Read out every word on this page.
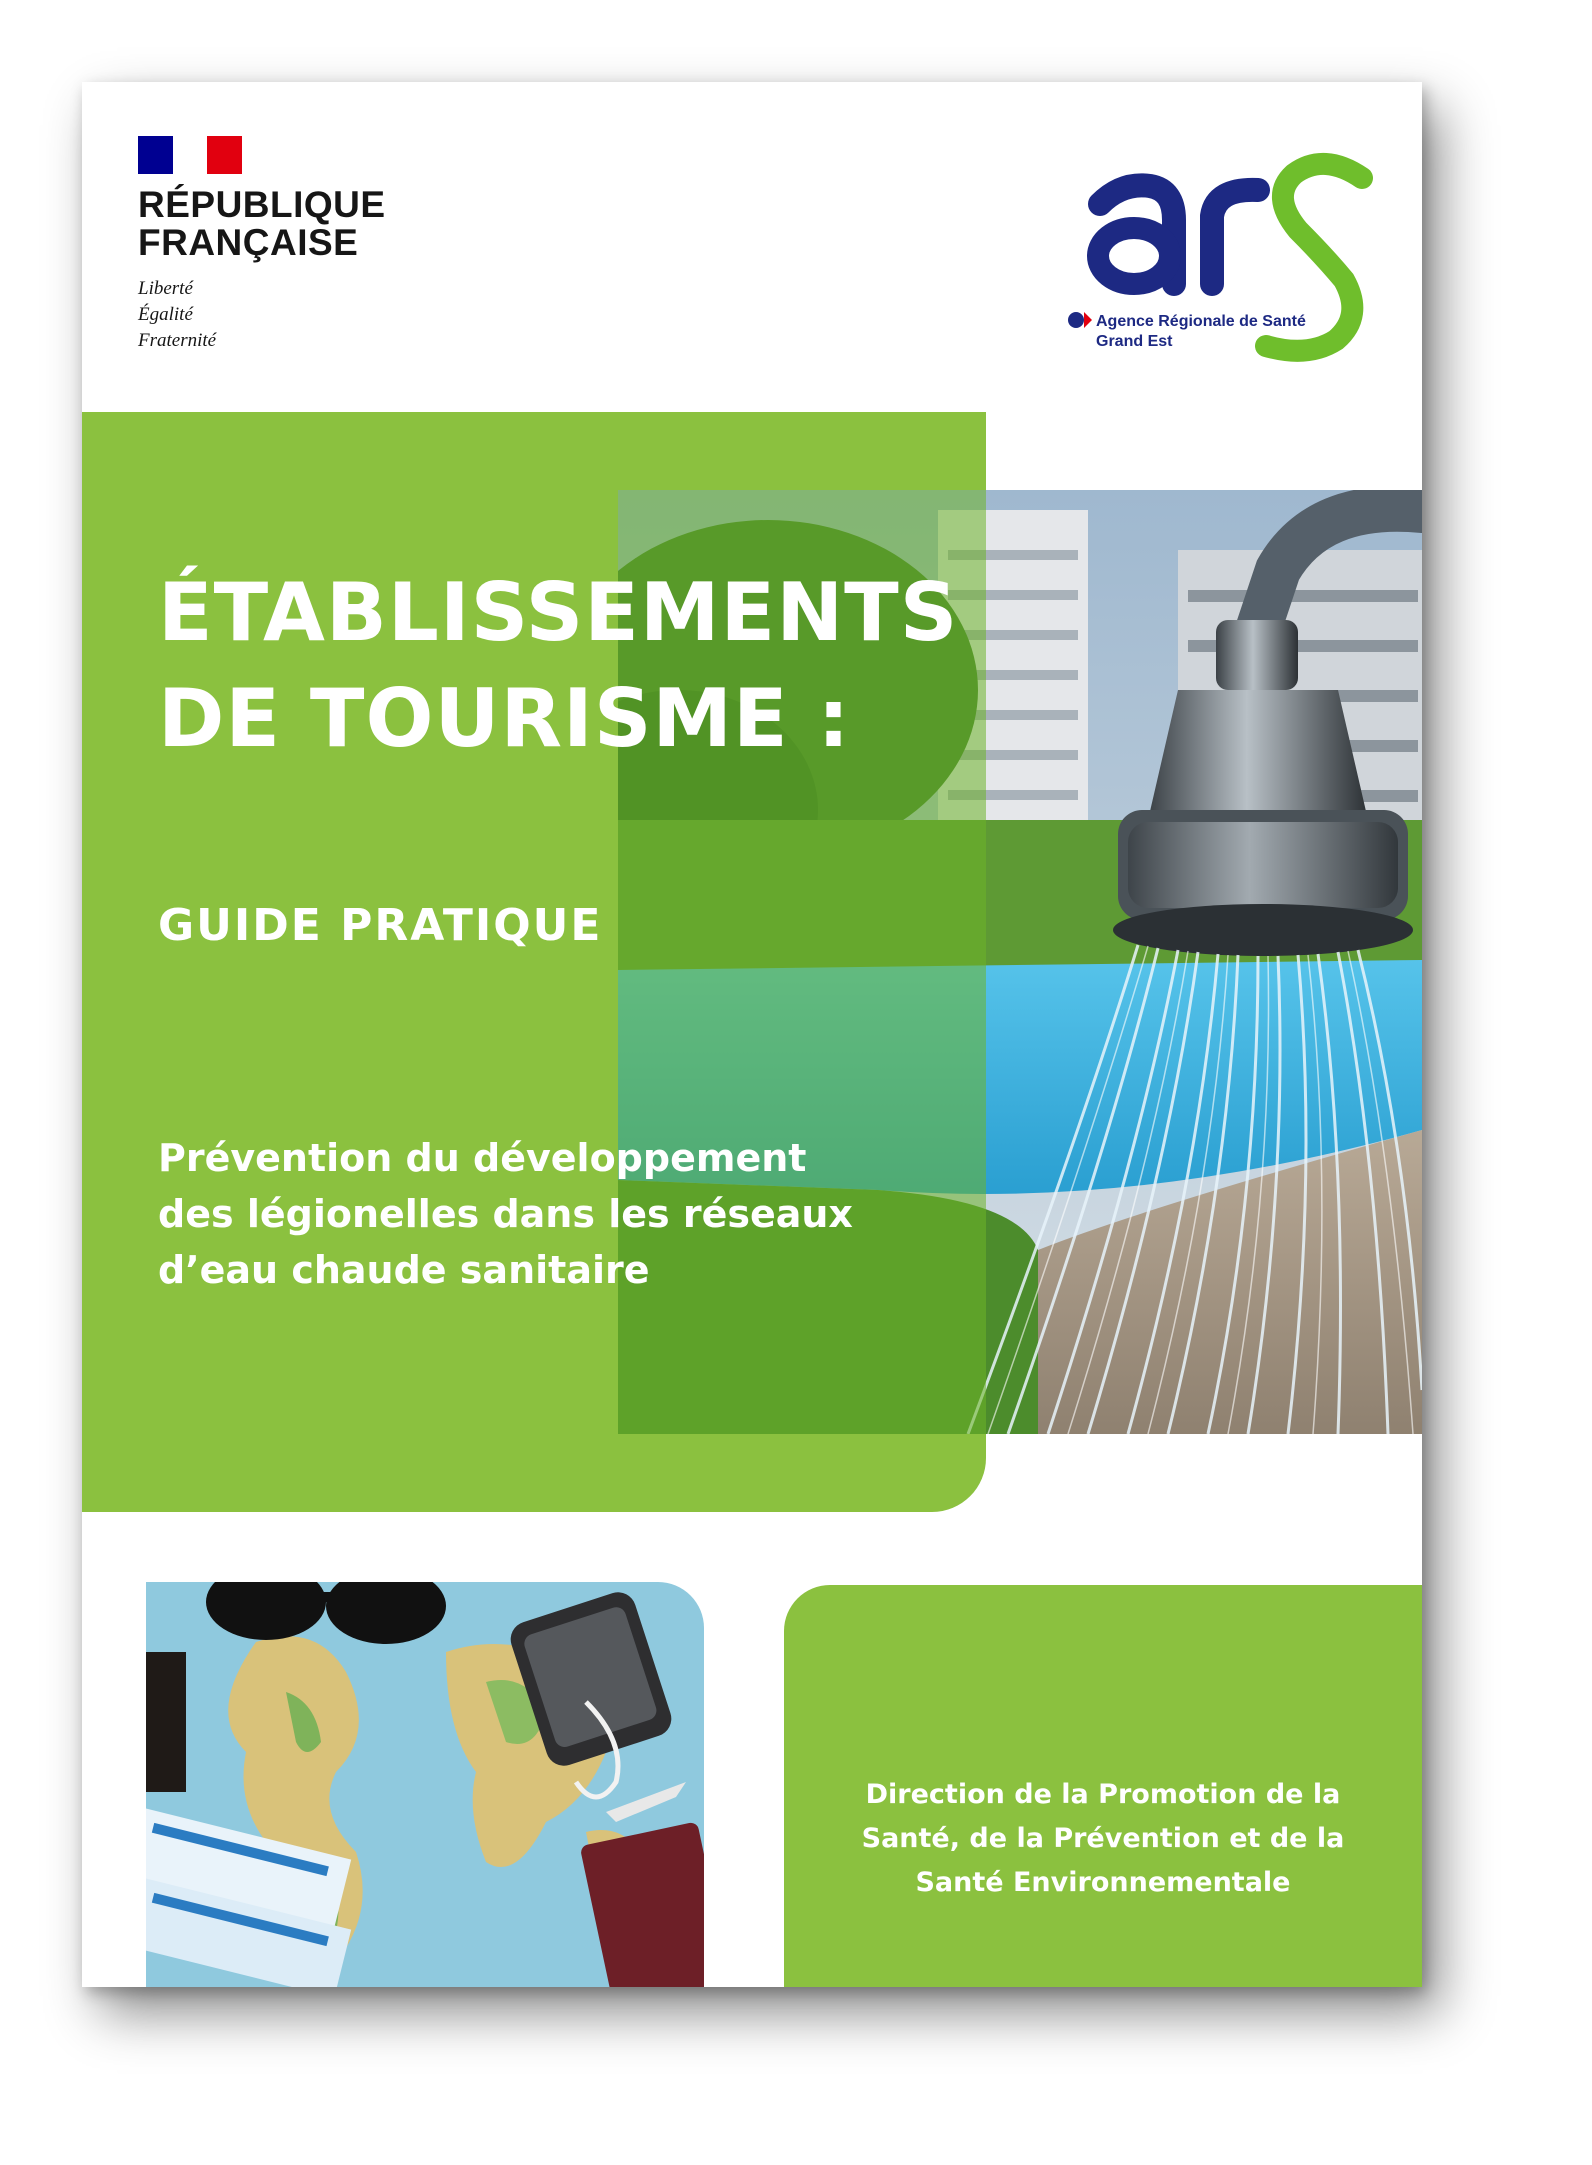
RÉPUBLIQUE
FRANÇAISE
Liberté
Égalité
Fraternité
Agence Régionale de Santé
Grand Est
ÉTABLISSEMENTS
DE TOURISME :
GUIDE PRATIQUE
Prévention du développement
des légionelles dans les réseaux
d’eau chaude sanitaire
Direction de la Promotion de la
Santé, de la Prévention et de la
Santé Environnementale
